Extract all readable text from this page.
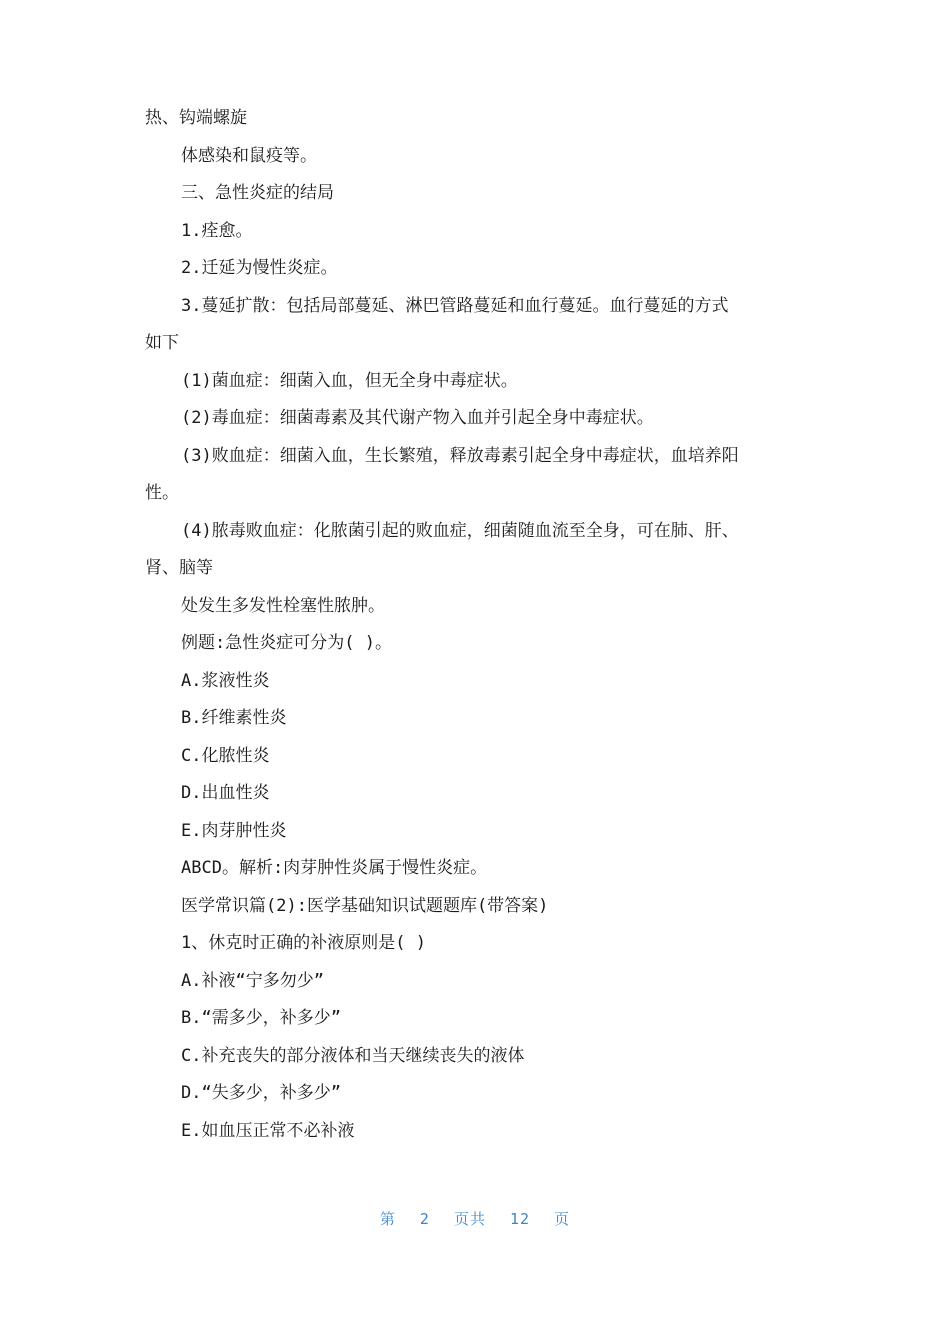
热、钩端螺旋

体感染和鼠疫等。

三、急性炎症的结局

1.痊愈。

2.迁延为慢性炎症。

3.蔓延扩散：包括局部蔓延、淋巴管路蔓延和血行蔓延。血行蔓延的方式

如下

(1)菌血症：细菌入血，但无全身中毒症状。

(2)毒血症：细菌毒素及其代谢产物入血并引起全身中毒症状。

(3)败血症：细菌入血，生长繁殖，释放毒素引起全身中毒症状，血培养阳

性。

(4)脓毒败血症：化脓菌引起的败血症，细菌随血流至全身，可在肺、肝、

肾、脑等

处发生多发性栓塞性脓肿。

例题:急性炎症可分为( )。

A.浆液性炎

B.纤维素性炎

C.化脓性炎

D.出血性炎

E.肉芽肿性炎

ABCD。解析:肉芽肿性炎属于慢性炎症。

医学常识篇(2):医学基础知识试题题库(带答案)

1、休克时正确的补液原则是( )

A.补液“宁多勿少”

B.“需多少，补多少”

C.补充丧失的部分液体和当天继续丧失的液体

D.“失多少，补多少”

E.如血压正常不必补液

第 2 页共 12 页
